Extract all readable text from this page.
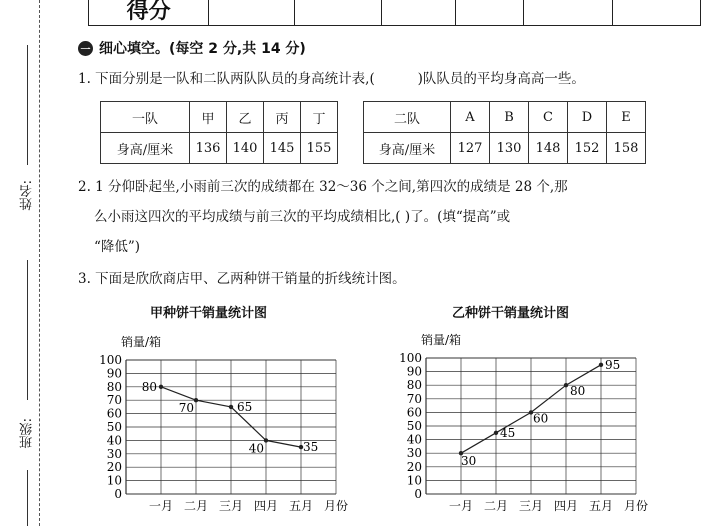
姓名:
班级:
得分						
一 细心填空。(每空 2 分,共 14 分)
1. 下面分别是一队和二队两队队员的身高统计表,(	)队队员的平均身高高一些。
一队	甲	乙	丙	丁
身高/厘米	136	140	145	155
二队	A	B	C	D	E
身高/厘米	127	130	148	152	158
2. 1 分仰卧起坐,小雨前三次的成绩都在 32～36 个之间,第四次的成绩是 28 个,那
么小雨这四次的平均成绩与前三次的平均成绩相比,( )了。(填“提高”或
“降低”)
3. 下面是欣欣商店甲、乙两种饼干销量的折线统计图。
甲种饼干销量统计图	乙种饼干销量统计图
销量/箱
0
10
20
30
40
50
60
70
80
90
100
一月 二月 三月 四月 五月 月份
80
70	65
40	35
销量/箱
0
10
20
30
40
50
60
70
80
90
100
一月 二月 三月 四月 五月 月份
30
45
60
80
95
